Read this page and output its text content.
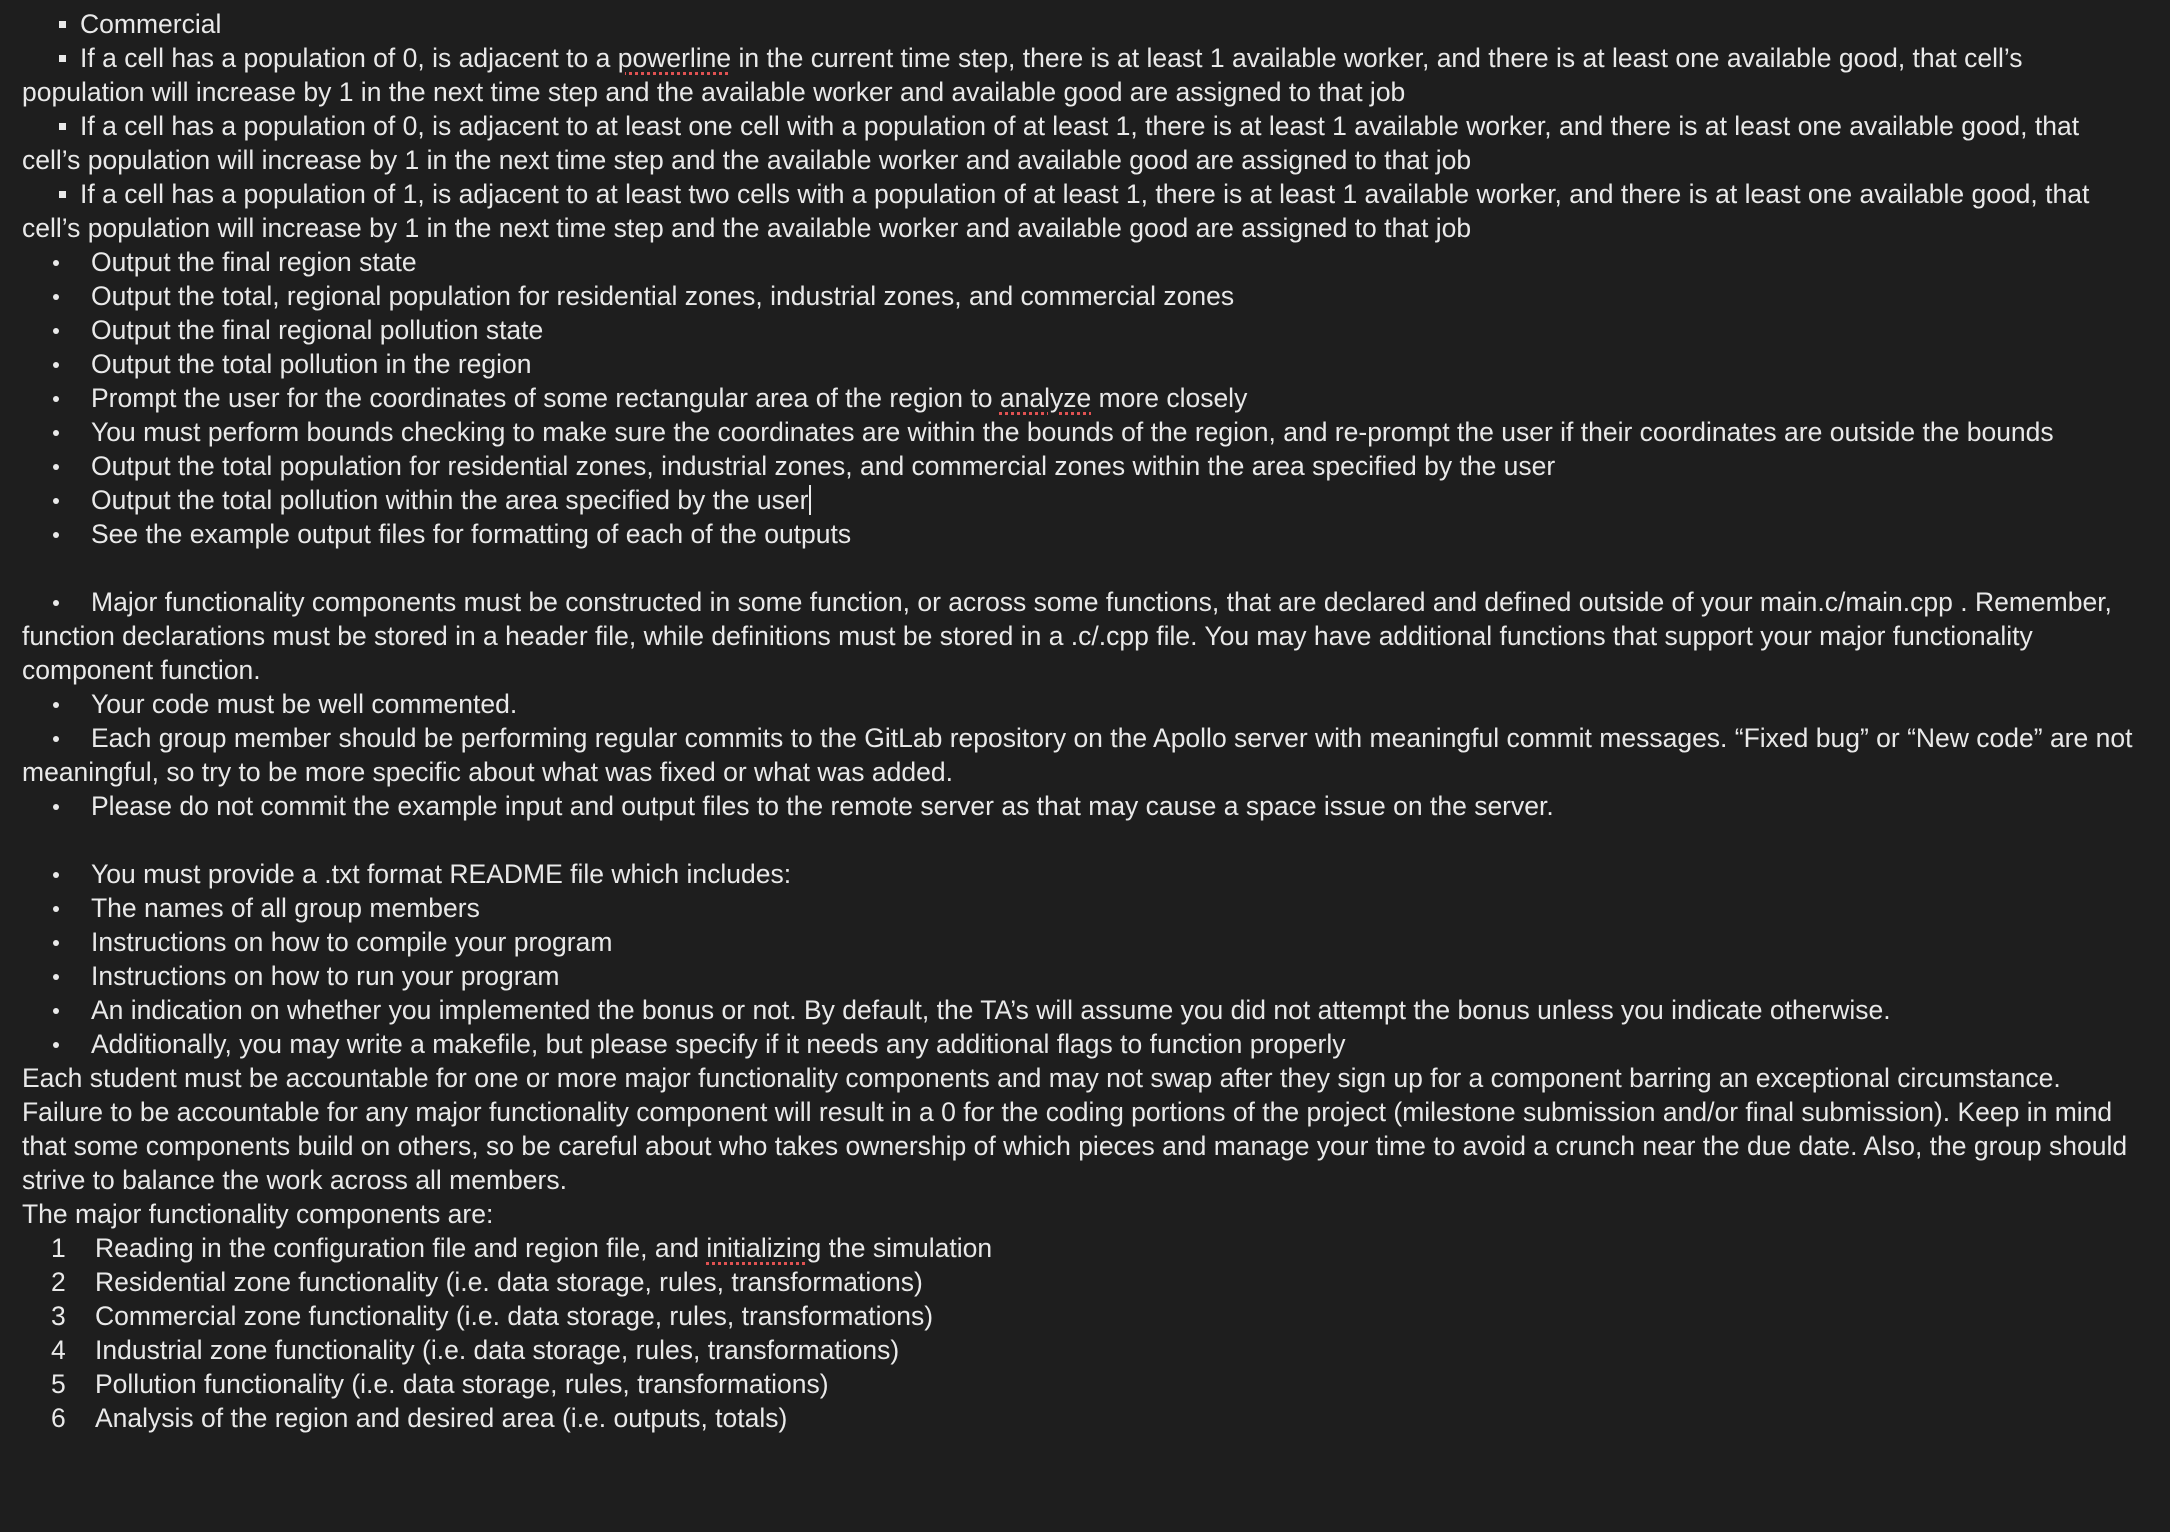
Commercial

If a cell has a population of 0, is adjacent to a powerline in the current time step, there is at least 1 available worker, and there is at least one available good, that cell’s population will increase by 1 in the next time step and the available worker and available good are assigned to that job

If a cell has a population of 0, is adjacent to at least one cell with a population of at least 1, there is at least 1 available worker, and there is at least one available good, that cell’s population will increase by 1 in the next time step and the available worker and available good are assigned to that job

If a cell has a population of 1, is adjacent to at least two cells with a population of at least 1, there is at least 1 available worker, and there is at least one available good, that cell’s population will increase by 1 in the next time step and the available worker and available good are assigned to that job

Output the final region state

Output the total, regional population for residential zones, industrial zones, and commercial zones

Output the final regional pollution state

Output the total pollution in the region

Prompt the user for the coordinates of some rectangular area of the region to analyze more closely

You must perform bounds checking to make sure the coordinates are within the bounds of the region, and re-prompt the user if their coordinates are outside the bounds

Output the total population for residential zones, industrial zones, and commercial zones within the area specified by the user

Output the total pollution within the area specified by the user

See the example output files for formatting of each of the outputs

Major functionality components must be constructed in some function, or across some functions, that are declared and defined outside of your main.c/main.cpp . Remember, function declarations must be stored in a header file, while definitions must be stored in a .c/.cpp file. You may have additional functions that support your major functionality component function.

Your code must be well commented.

Each group member should be performing regular commits to the GitLab repository on the Apollo server with meaningful commit messages. “Fixed bug” or “New code” are not meaningful, so try to be more specific about what was fixed or what was added.

Please do not commit the example input and output files to the remote server as that may cause a space issue on the server.

You must provide a .txt format README file which includes:

The names of all group members

Instructions on how to compile your program

Instructions on how to run your program

An indication on whether you implemented the bonus or not. By default, the TA’s will assume you did not attempt the bonus unless you indicate otherwise.

Additionally, you may write a makefile, but please specify if it needs any additional flags to function properly

Each student must be accountable for one or more major functionality components and may not swap after they sign up for a component barring an exceptional circumstance. Failure to be accountable for any major functionality component will result in a 0 for the coding portions of the project (milestone submission and/or final submission). Keep in mind that some components build on others, so be careful about who takes ownership of which pieces and manage your time to avoid a crunch near the due date. Also, the group should strive to balance the work across all members.

The major functionality components are:

1 Reading in the configuration file and region file, and initializing the simulation

2 Residential zone functionality (i.e. data storage, rules, transformations)

3 Commercial zone functionality (i.e. data storage, rules, transformations)

4 Industrial zone functionality (i.e. data storage, rules, transformations)

5 Pollution functionality (i.e. data storage, rules, transformations)

6 Analysis of the region and desired area (i.e. outputs, totals)
